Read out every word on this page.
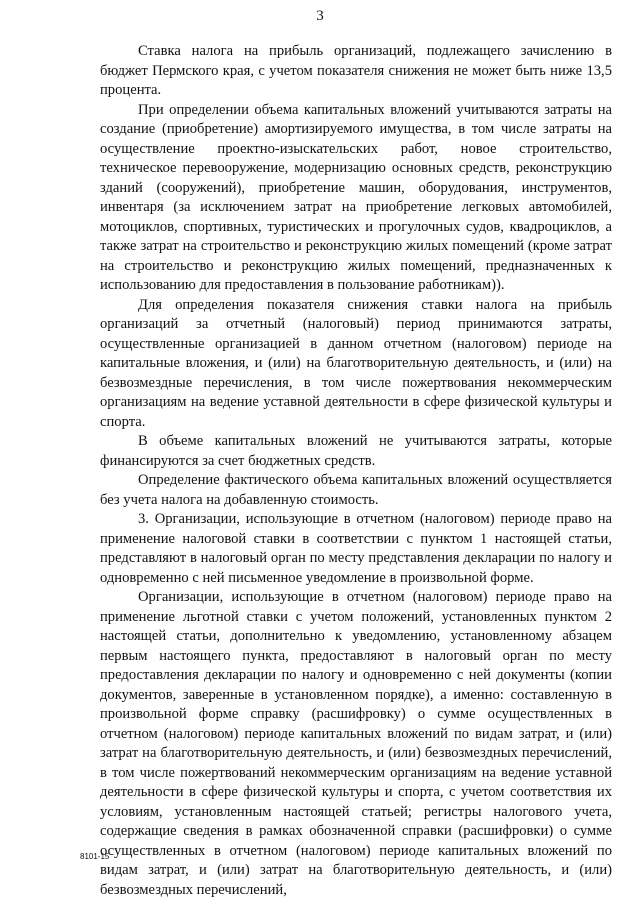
3

Ставка налога на прибыль организаций, подлежащего зачислению в бюджет Пермского края, с учетом показателя снижения не может быть ниже 13,5 процента.

При определении объема капитальных вложений учитываются затраты на создание (приобретение) амортизируемого имущества, в том числе затраты на осуществление проектно-изыскательских работ, новое строительство, техническое перевооружение, модернизацию основных средств, реконструкцию зданий (сооружений), приобретение машин, оборудования, инструментов, инвентаря (за исключением затрат на приобретение легковых автомобилей, мотоциклов, спортивных, туристических и прогулочных судов, квадроциклов, а также затрат на строительство и реконструкцию жилых помещений (кроме затрат на строительство и реконструкцию жилых помещений, предназначенных к использованию для предоставления в пользование работникам)).

Для определения показателя снижения ставки налога на прибыль организаций за отчетный (налоговый) период принимаются затраты, осуществленные организацией в данном отчетном (налоговом) периоде на капитальные вложения, и (или) на благотворительную деятельность, и (или) на безвозмездные перечисления, в том числе пожертвования некоммерческим организациям на ведение уставной деятельности в сфере физической культуры и спорта.

В объеме капитальных вложений не учитываются затраты, которые финансируются за счет бюджетных средств.

Определение фактического объема капитальных вложений осуществляется без учета налога на добавленную стоимость.

3. Организации, использующие в отчетном (налоговом) периоде право на применение налоговой ставки в соответствии с пунктом 1 настоящей статьи, представляют в налоговый орган по месту представления декларации по налогу и одновременно с ней письменное уведомление в произвольной форме.

Организации, использующие в отчетном (налоговом) периоде право на применение льготной ставки с учетом положений, установленных пунктом 2 настоящей статьи, дополнительно к уведомлению, установленному абзацем первым настоящего пункта, предоставляют в налоговый орган по месту предоставления декларации по налогу и одновременно с ней документы (копии документов, заверенные в установленном порядке), а именно: составленную в произвольной форме справку (расшифровку) о сумме осуществленных в отчетном (налоговом) периоде капитальных вложений по видам затрат, и (или) затрат на благотворительную деятельность, и (или) безвозмездных перечислений, в том числе пожертвований некоммерческим организациям на ведение уставной деятельности в сфере физической культуры и спорта, с учетом соответствия их условиям, установленным настоящей статьей; регистры налогового учета, содержащие сведения в рамках обозначенной справки (расшифровки) о сумме осуществленных в отчетном (налоговом) периоде капитальных вложений по видам затрат, и (или) затрат на благотворительную деятельность, и (или) безвозмездных перечислений,

8101-15
